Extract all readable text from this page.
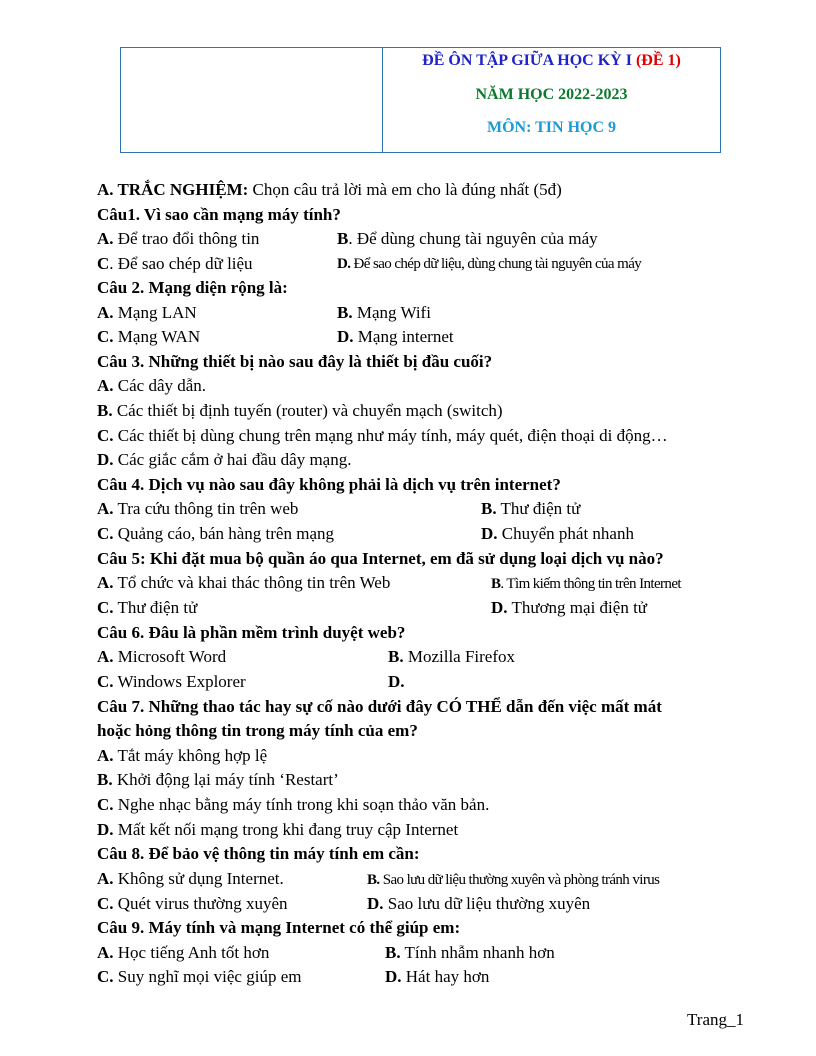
ĐỀ ÔN TẬP GIỮA HỌC KỲ I (ĐỀ 1)
NĂM HỌC 2022-2023
MÔN: TIN HỌC 9
A. TRẮC NGHIỆM: Chọn câu trả lời mà em cho là đúng nhất (5đ)
Câu1. Vì sao cần mạng máy tính?
A. Để trao đổi thông tin	B. Để dùng chung tài nguyên của máy
C. Để sao chép dữ liệu	D. Để sao chép dữ liệu, dùng chung tài nguyên của máy
Câu 2. Mạng diện rộng là:
A. Mạng LAN	B. Mạng Wifi
C. Mạng WAN	D. Mạng internet
Câu 3. Những thiết bị nào sau đây là thiết bị đầu cuối?
A. Các dây dẫn.
B. Các thiết bị định tuyến (router) và chuyển mạch (switch)
C. Các thiết bị dùng chung trên mạng như máy tính, máy quét, điện thoại di động…
D. Các giắc cắm ở hai đầu dây mạng.
Câu 4. Dịch vụ nào sau đây không phải là dịch vụ trên internet?
A. Tra cứu thông tin trên web	B. Thư điện tử
C. Quảng cáo, bán hàng trên mạng	D. Chuyển phát nhanh
Câu 5: Khi đặt mua bộ quần áo qua Internet, em đã sử dụng loại dịch vụ nào?
A. Tổ chức và khai thác thông tin trên Web	B. Tìm kiếm thông tin trên Internet
C. Thư điện tử	D. Thương mại điện tử
Câu 6. Đâu là phần mềm trình duyệt web?
A. Microsoft Word	B. Mozilla Firefox
C. Windows Explorer	D.
Câu 7. Những thao tác hay sự cố nào dưới đây CÓ THỂ dẫn đến việc mất mát
hoặc hỏng thông tin trong máy tính của em?
A. Tắt máy không hợp lệ
B. Khởi động lại máy tính ‘Restart’
C. Nghe nhạc bằng máy tính trong khi soạn thảo văn bản.
D. Mất kết nối mạng trong khi đang truy cập Internet
Câu 8. Để bảo vệ thông tin máy tính em cần:
A. Không sử dụng Internet.	B. Sao lưu dữ liệu thường xuyên và phòng tránh virus
C. Quét virus thường xuyên	D. Sao lưu dữ liệu thường xuyên
Câu 9. Máy tính và mạng Internet có thể giúp em:
A. Học tiếng Anh tốt hơn	B. Tính nhẫm nhanh hơn
C. Suy nghĩ mọi việc giúp em	D. Hát hay hơn
Trang_1
